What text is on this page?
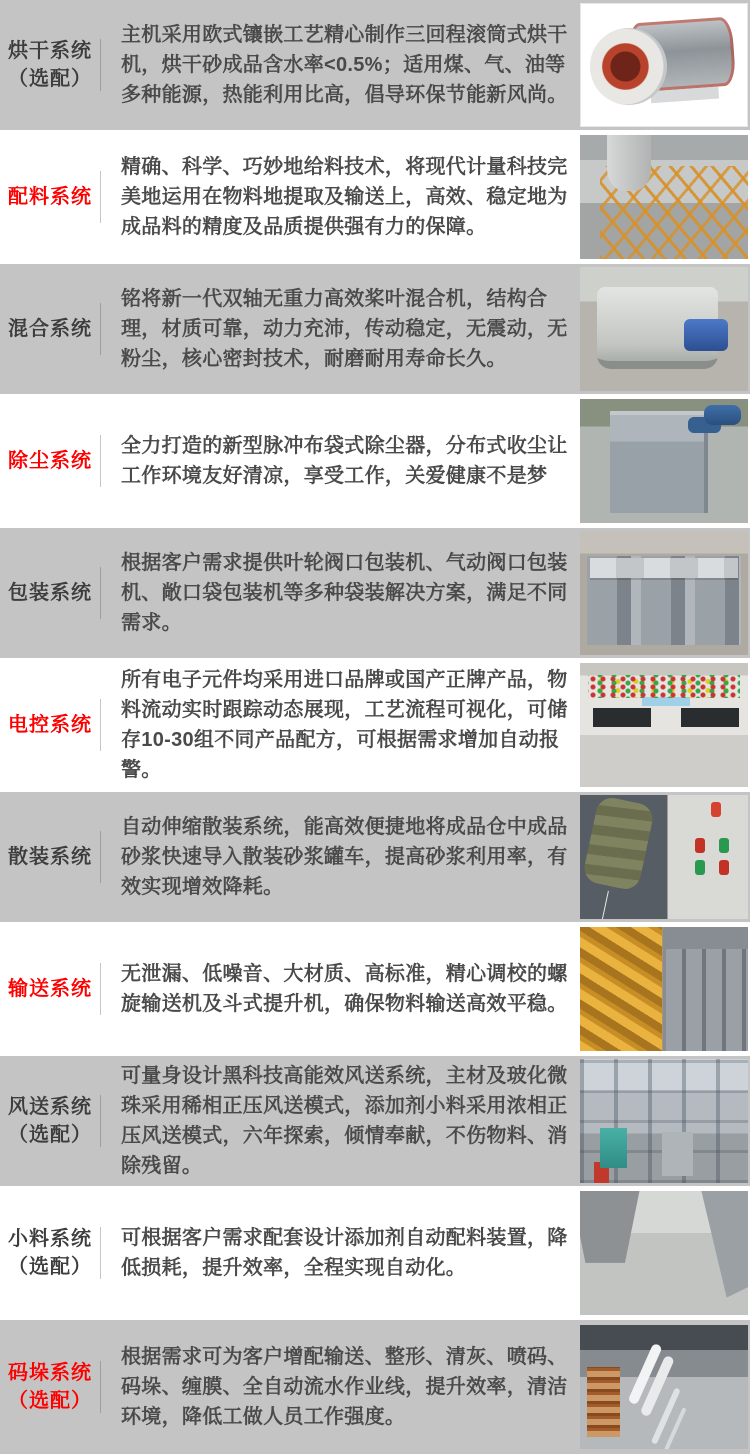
烘干系统
（选配）

主机采用欧式镶嵌工艺精心制作三回程滚筒式烘干机，烘干砂成品含水率<0.5%；适用煤、气、油等多种能源，热能利用比高，倡导环保节能新风尚。

配料系统

精确、科学、巧妙地给料技术，将现代计量科技完美地运用在物料地提取及输送上，高效、稳定地为成品料的精度及品质提供强有力的保障。

混合系统

铭将新一代双轴无重力高效桨叶混合机，结构合理，材质可靠，动力充沛，传动稳定，无震动，无粉尘，核心密封技术，耐磨耐用寿命长久。

除尘系统

全力打造的新型脉冲布袋式除尘器，分布式收尘让工作环境友好清凉，享受工作，关爱健康不是梦

包装系统

根据客户需求提供叶轮阀口包装机、气动阀口包装机、敞口袋包装机等多种袋装解决方案，满足不同需求。

电控系统

所有电子元件均采用进口品牌或国产正牌产品，物料流动实时跟踪动态展现，工艺流程可视化，可储存10-30组不同产品配方，可根据需求增加自动报警。

散装系统

自动伸缩散装系统，能高效便捷地将成品仓中成品砂浆快速导入散装砂浆罐车，提高砂浆利用率，有效实现增效降耗。

输送系统

无泄漏、低噪音、大材质、高标准，精心调校的螺旋输送机及斗式提升机，确保物料输送高效平稳。

风送系统
（选配）

可量身设计黑科技高能效风送系统，主材及玻化微珠采用稀相正压风送模式，添加剂小料采用浓相正压风送模式，六年探索，倾情奉献，不伤物料、消除残留。

小料系统
（选配）

可根据客户需求配套设计添加剂自动配料装置，降低损耗，提升效率，全程实现自动化。

码垛系统
（选配）

根据需求可为客户增配输送、整形、清灰、喷码、码垛、缠膜、全自动流水作业线，提升效率，清洁环境，降低工做人员工作强度。
